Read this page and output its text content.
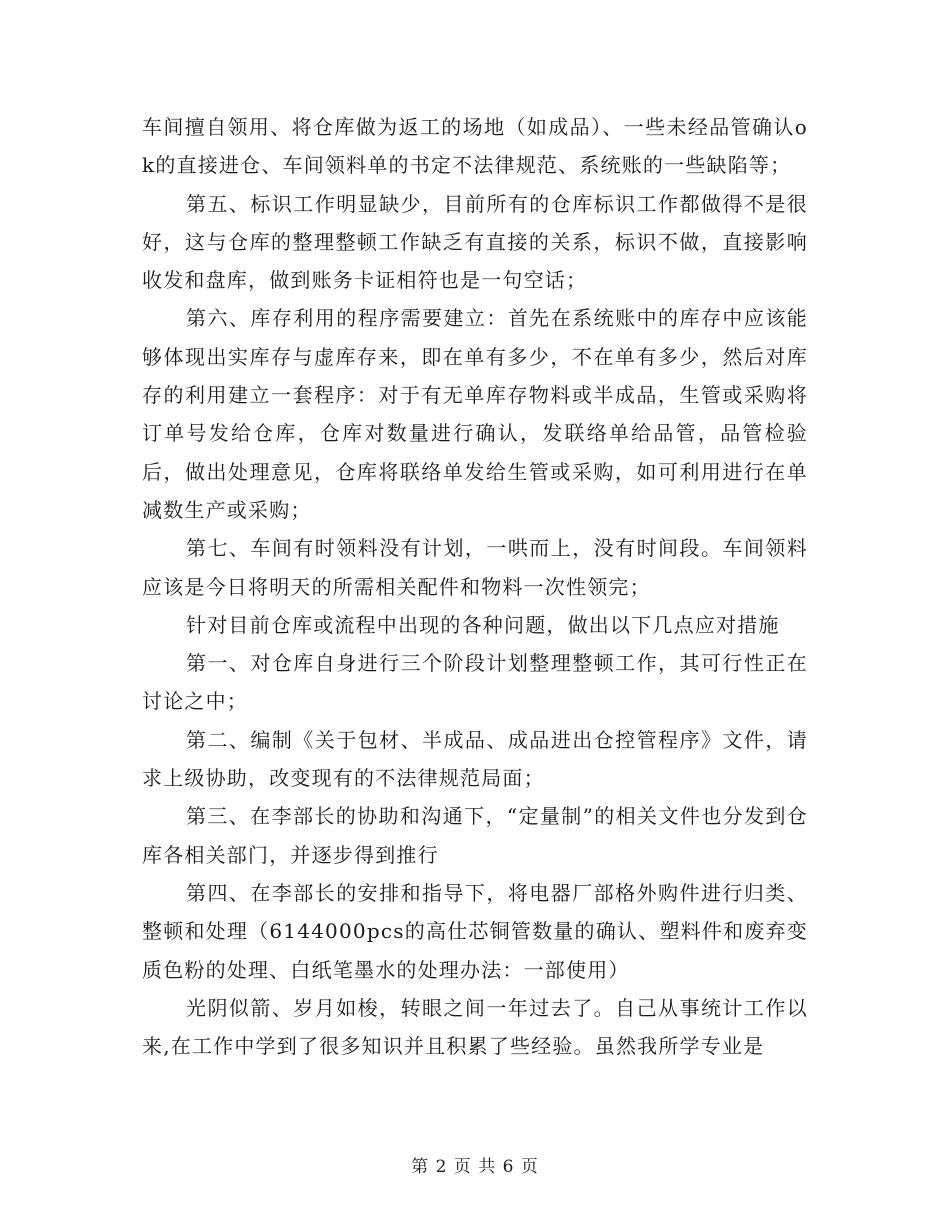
车间擅自领用、将仓库做为返工的场地（如成品）、一些未经品管确认ok的直接进仓、车间领料单的书定不法律规范、系统账的一些缺陷等；

第五、标识工作明显缺少，目前所有的仓库标识工作都做得不是很好，这与仓库的整理整顿工作缺乏有直接的关系，标识不做，直接影响收发和盘库，做到账务卡证相符也是一句空话；

第六、库存利用的程序需要建立：首先在系统账中的库存中应该能够体现出实库存与虚库存来，即在单有多少，不在单有多少，然后对库存的利用建立一套程序：对于有无单库存物料或半成品，生管或采购将订单号发给仓库，仓库对数量进行确认，发联络单给品管，品管检验后，做出处理意见，仓库将联络单发给生管或采购，如可利用进行在单减数生产或采购；

第七、车间有时领料没有计划，一哄而上，没有时间段。车间领料应该是今日将明天的所需相关配件和物料一次性领完；

针对目前仓库或流程中出现的各种问题，做出以下几点应对措施

第一、对仓库自身进行三个阶段计划整理整顿工作，其可行性正在讨论之中；

第二、编制《关于包材、半成品、成品进出仓控管程序》文件，请求上级协助，改变现有的不法律规范局面；

第三、在李部长的协助和沟通下，“定量制”的相关文件也分发到仓库各相关部门，并逐步得到推行

第四、在李部长的安排和指导下，将电器厂部格外购件进行归类、整顿和处理（6144000pcs的高仕芯铜管数量的确认、塑料件和废弃变质色粉的处理、白纸笔墨水的处理办法：一部使用）

光阴似箭、岁月如梭，转眼之间一年过去了。自己从事统计工作以来,在工作中学到了很多知识并且积累了些经验。虽然我所学专业是

第 2 页 共 6 页
